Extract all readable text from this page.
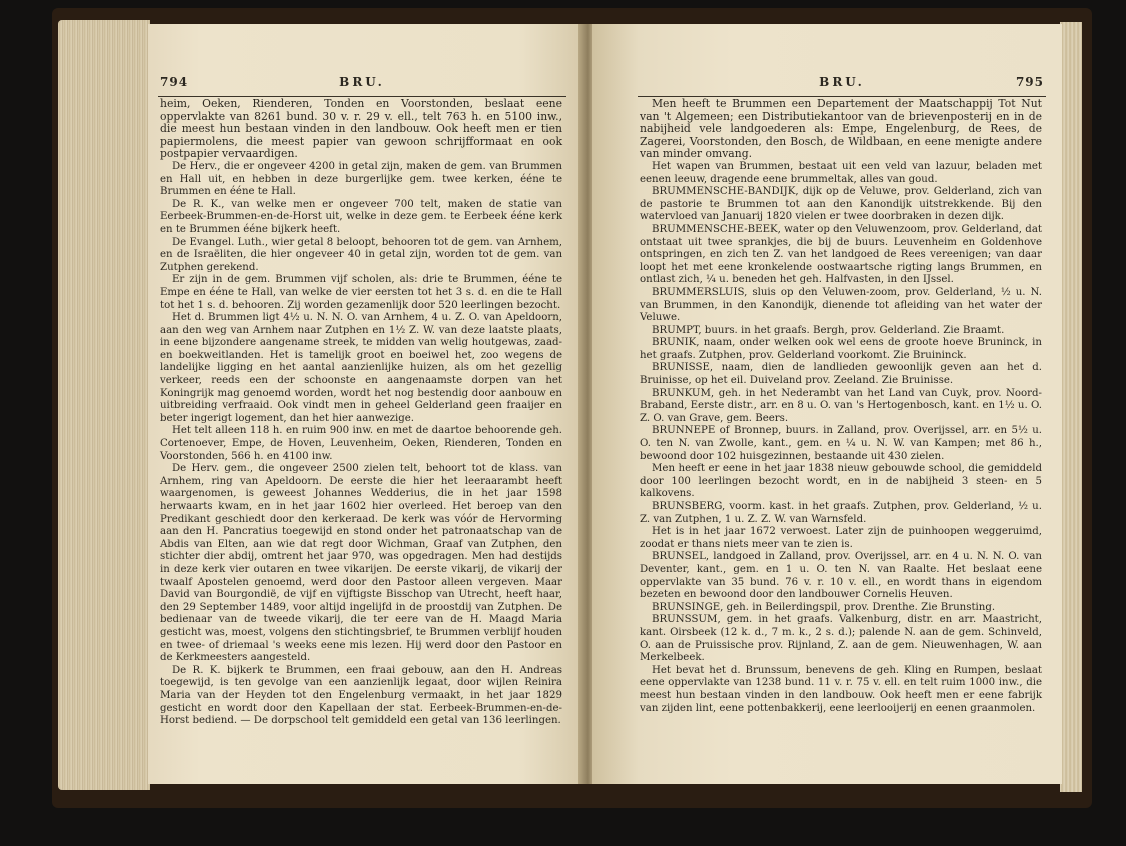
794	BRU.

heim, Oeken, Rienderen, Tonden en Voorstonden, beslaat eene oppervlakte van 8261 bund. 30 v. r. 29 v. ell., telt 763 h. en 5100 inw., die meest hun bestaan vinden in den landbouw. Ook heeft men er tien papiermolens, die meest papier van gewoon schrijfformaat en ook postpapier vervaardigen.

De Herv., die er ongeveer 4200 in getal zijn, maken de gem. van Brummen en Hall uit, en hebben in deze burgerlijke gem. twee kerken, ééne te Brummen en ééne te Hall.

De R. K., van welke men er ongeveer 700 telt, maken de statie van Eerbeek-Brummen-en-de-Horst uit, welke in deze gem. te Eerbeek ééne kerk en te Brummen ééne bijkerk heeft.

De Evangel. Luth., wier getal 8 beloopt, behooren tot de gem. van Arnhem, en de Israëliten, die hier ongeveer 40 in getal zijn, worden tot de gem. van Zutphen gerekend.

Er zijn in de gem. Brummen vijf scholen, als: drie te Brummen, ééne te Empe en ééne te Hall, van welke de vier eersten tot het 3 s. d. en die te Hall tot het 1 s. d. behooren. Zij worden gezamenlijk door 520 leerlingen bezocht.

Het d. Brummen ligt 4½ u. N. N. O. van Arnhem, 4 u. Z. O. van Apeldoorn, aan den weg van Arnhem naar Zutphen en 1½ Z. W. van deze laatste plaats, in eene bijzondere aangename streek, te midden van welig houtgewas, zaad- en boekweitlanden. Het is tamelijk groot en boeiwel het, zoo wegens de landelijke ligging en het aantal aanzienlijke huizen, als om het gezellig verkeer, reeds een der schoonste en aangenaamste dorpen van het Koningrijk mag genoemd worden, wordt het nog bestendig door aanbouw en uitbreiding verfraaid. Ook vindt men in geheel Gelderland geen fraaijer en beter ingerigt logement, dan het hier aanwezige.

Het telt alleen 118 h. en ruim 900 inw. en met de daartoe behoorende geh. Cortenoever, Empe, de Hoven, Leuvenheim, Oeken, Rienderen, Tonden en Voorstonden, 566 h. en 4100 inw.

De Herv. gem., die ongeveer 2500 zielen telt, behoort tot de klass. van Arnhem, ring van Apeldoorn. De eerste die hier het leeraarambt heeft waargenomen, is geweest Johannes Wedderius, die in het jaar 1598 herwaarts kwam, en in het jaar 1602 hier overleed. Het beroep van den Predikant geschiedt door den kerkeraad. De kerk was vóór de Hervorming aan den H. Pancratius toegewijd en stond onder het patronaatschap van de Abdis van Elten, aan wie dat regt door Wichman, Graaf van Zutphen, den stichter dier abdij, omtrent het jaar 970, was opgedragen. Men had destijds in deze kerk vier outaren en twee vikarijen. De eerste vikarij, de vikarij der twaalf Apostelen genoemd, werd door den Pastoor alleen vergeven. Maar David van Bourgondië, de vijf en vijftigste Bisschop van Utrecht, heeft haar, den 29 September 1489, voor altijd ingelijfd in de proostdij van Zutphen. De bedienaar van de tweede vikarij, die ter eere van de H. Maagd Maria gesticht was, moest, volgens den stichtingsbrief, te Brummen verblijf houden en twee- of driemaal 's weeks eene mis lezen. Hij werd door den Pastoor en de Kerkmeesters aangesteld.

De R. K. bijkerk te Brummen, een fraai gebouw, aan den H. Andreas toegewijd, is ten gevolge van een aanzienlijk legaat, door wijlen Reinira Maria van der Heyden tot den Engelenburg vermaakt, in het jaar 1829 gesticht en wordt door den Kapellaan der stat. Eerbeek-Brummen-en-de-Horst bediend. — De dorpschool telt gemiddeld een getal van 136 leerlingen.

BRU.	795

Men heeft te Brummen een Departement der Maatschappij Tot Nut van 't Algemeen; een Distributiekantoor van de brievenposterij en in de nabijheid vele landgoederen als: Empe, Engelenburg, de Rees, de Zagerei, Voorstonden, den Bosch, de Wildbaan, en eene menigte andere van minder omvang.

Het wapen van Brummen, bestaat uit een veld van lazuur, beladen met eenen leeuw, dragende eene brummeltak, alles van goud.

BRUMMENSCHE-BANDIJK, dijk op de Veluwe, prov. Gelderland, zich van de pastorie te Brummen tot aan den Kanondijk uitstrekkende. Bij den watervloed van Januarij 1820 vielen er twee doorbraken in dezen dijk.

BRUMMENSCHE-BEEK, water op den Veluwenzoom, prov. Gelderland, dat ontstaat uit twee sprankjes, die bij de buurs. Leuvenheim en Goldenhove ontspringen, en zich ten Z. van het landgoed de Rees vereenigen; van daar loopt het met eene kronkelende oostwaartsche rigting langs Brummen, en ontlast zich, ¼ u. beneden het geh. Halfvasten, in den IJssel.

BRUMMERSLUIS, sluis op den Veluwen-zoom, prov. Gelderland, ½ u. N. van Brummen, in den Kanondijk, dienende tot afleiding van het water der Veluwe.

BRUMPT, buurs. in het graafs. Bergh, prov. Gelderland. Zie Braamt.

BRUNIK, naam, onder welken ook wel eens de groote hoeve Bruninck, in het graafs. Zutphen, prov. Gelderland voorkomt. Zie Bruininck.

BRUNISSE, naam, dien de landlieden gewoonlijk geven aan het d. Bruinisse, op het eil. Duiveland prov. Zeeland. Zie Bruinisse.

BRUNKUM, geh. in het Nederambt van het Land van Cuyk, prov. Noord-Braband, Eerste distr., arr. en 8 u. O. van 's Hertogenbosch, kant. en 1½ u. O. Z. O. van Grave, gem. Beers.

BRUNNEPE of Bronnep, buurs. in Zalland, prov. Overijssel, arr. en 5½ u. O. ten N. van Zwolle, kant., gem. en ¼ u. N. W. van Kampen; met 86 h., bewoond door 102 huisgezinnen, bestaande uit 430 zielen.

Men heeft er eene in het jaar 1838 nieuw gebouwde school, die gemiddeld door 100 leerlingen bezocht wordt, en in de nabijheid 3 steen- en 5 kalkovens.

BRUNSBERG, voorm. kast. in het graafs. Zutphen, prov. Gelderland, ½ u. Z. van Zutphen, 1 u. Z. Z. W. van Warnsfeld.

Het is in het jaar 1672 verwoest. Later zijn de puinhoopen weggeruimd, zoodat er thans niets meer van te zien is.

BRUNSEL, landgoed in Zalland, prov. Overijssel, arr. en 4 u. N. N. O. van Deventer, kant., gem. en 1 u. O. ten N. van Raalte. Het beslaat eene oppervlakte van 35 bund. 76 v. r. 10 v. ell., en wordt thans in eigendom bezeten en bewoond door den landbouwer Cornelis Heuven.

BRUNSINGE, geh. in Beilerdingspil, prov. Drenthe. Zie Brunsting.

BRUNSSUM, gem. in het graafs. Valkenburg, distr. en arr. Maastricht, kant. Oirsbeek (12 k. d., 7 m. k., 2 s. d.); palende N. aan de gem. Schinveld, O. aan de Pruissische prov. Rijnland, Z. aan de gem. Nieuwenhagen, W. aan Merkelbeek.

Het bevat het d. Brunssum, benevens de geh. Kling en Rumpen, beslaat eene oppervlakte van 1238 bund. 11 v. r. 75 v. ell. en telt ruim 1000 inw., die meest hun bestaan vinden in den landbouw. Ook heeft men er eene fabrijk van zijden lint, eene pottenbakkerij, eene leerlooijerij en eenen graanmolen.
